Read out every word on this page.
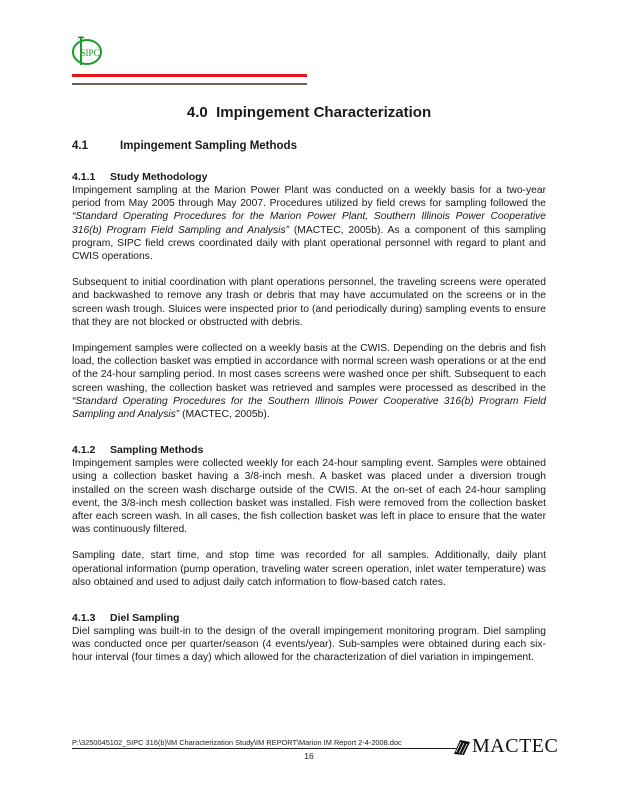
SIPC
4.0 Impingement Characterization
4.1	Impingement Sampling Methods
4.1.1	Study Methodology

Impingement sampling at the Marion Power Plant was conducted on a weekly basis for a two-year period from May 2005 through May 2007. Procedures utilized by field crews for sampling followed the “Standard Operating Procedures for the Marion Power Plant, Southern Illinois Power Cooperative 316(b) Program Field Sampling and Analysis” (MACTEC, 2005b). As a component of this sampling program, SIPC field crews coordinated daily with plant operational personnel with regard to plant and CWIS operations.

Subsequent to initial coordination with plant operations personnel, the traveling screens were operated and backwashed to remove any trash or debris that may have accumulated on the screens or in the screen wash trough. Sluices were inspected prior to (and periodically during) sampling events to ensure that they are not blocked or obstructed with debris.

Impingement samples were collected on a weekly basis at the CWIS. Depending on the debris and fish load, the collection basket was emptied in accordance with normal screen wash operations or at the end of the 24-hour sampling period. In most cases screens were washed once per shift. Subsequent to each screen washing, the collection basket was retrieved and samples were processed as described in the “Standard Operating Procedures for the Southern Illinois Power Cooperative 316(b) Program Field Sampling and Analysis” (MACTEC, 2005b).

4.1.2	Sampling Methods

Impingement samples were collected weekly for each 24-hour sampling event. Samples were obtained using a collection basket having a 3/8-inch mesh. A basket was placed under a diversion trough installed on the screen wash discharge outside of the CWIS. At the on-set of each 24-hour sampling event, the 3/8-inch mesh collection basket was installed. Fish were removed from the collection basket after each screen wash. In all cases, the fish collection basket was left in place to ensure that the water was continuously filtered.

Sampling date, start time, and stop time was recorded for all samples. Additionally, daily plant operational information (pump operation, traveling water screen operation, inlet water temperature) was also obtained and used to adjust daily catch information to flow-based catch rates.

4.1.3	Diel Sampling

Diel sampling was built-in to the design of the overall impingement monitoring program. Diel sampling was conducted once per quarter/season (4 events/year). Sub-samples were obtained during each six-hour interval (four times a day) which allowed for the characterization of diel variation in impingement.

P:\3250045102_SIPC 316(b)\IM Characterization Study\IM REPORT\Marion IM Report 2-4-2008.doc
16	MACTEC
